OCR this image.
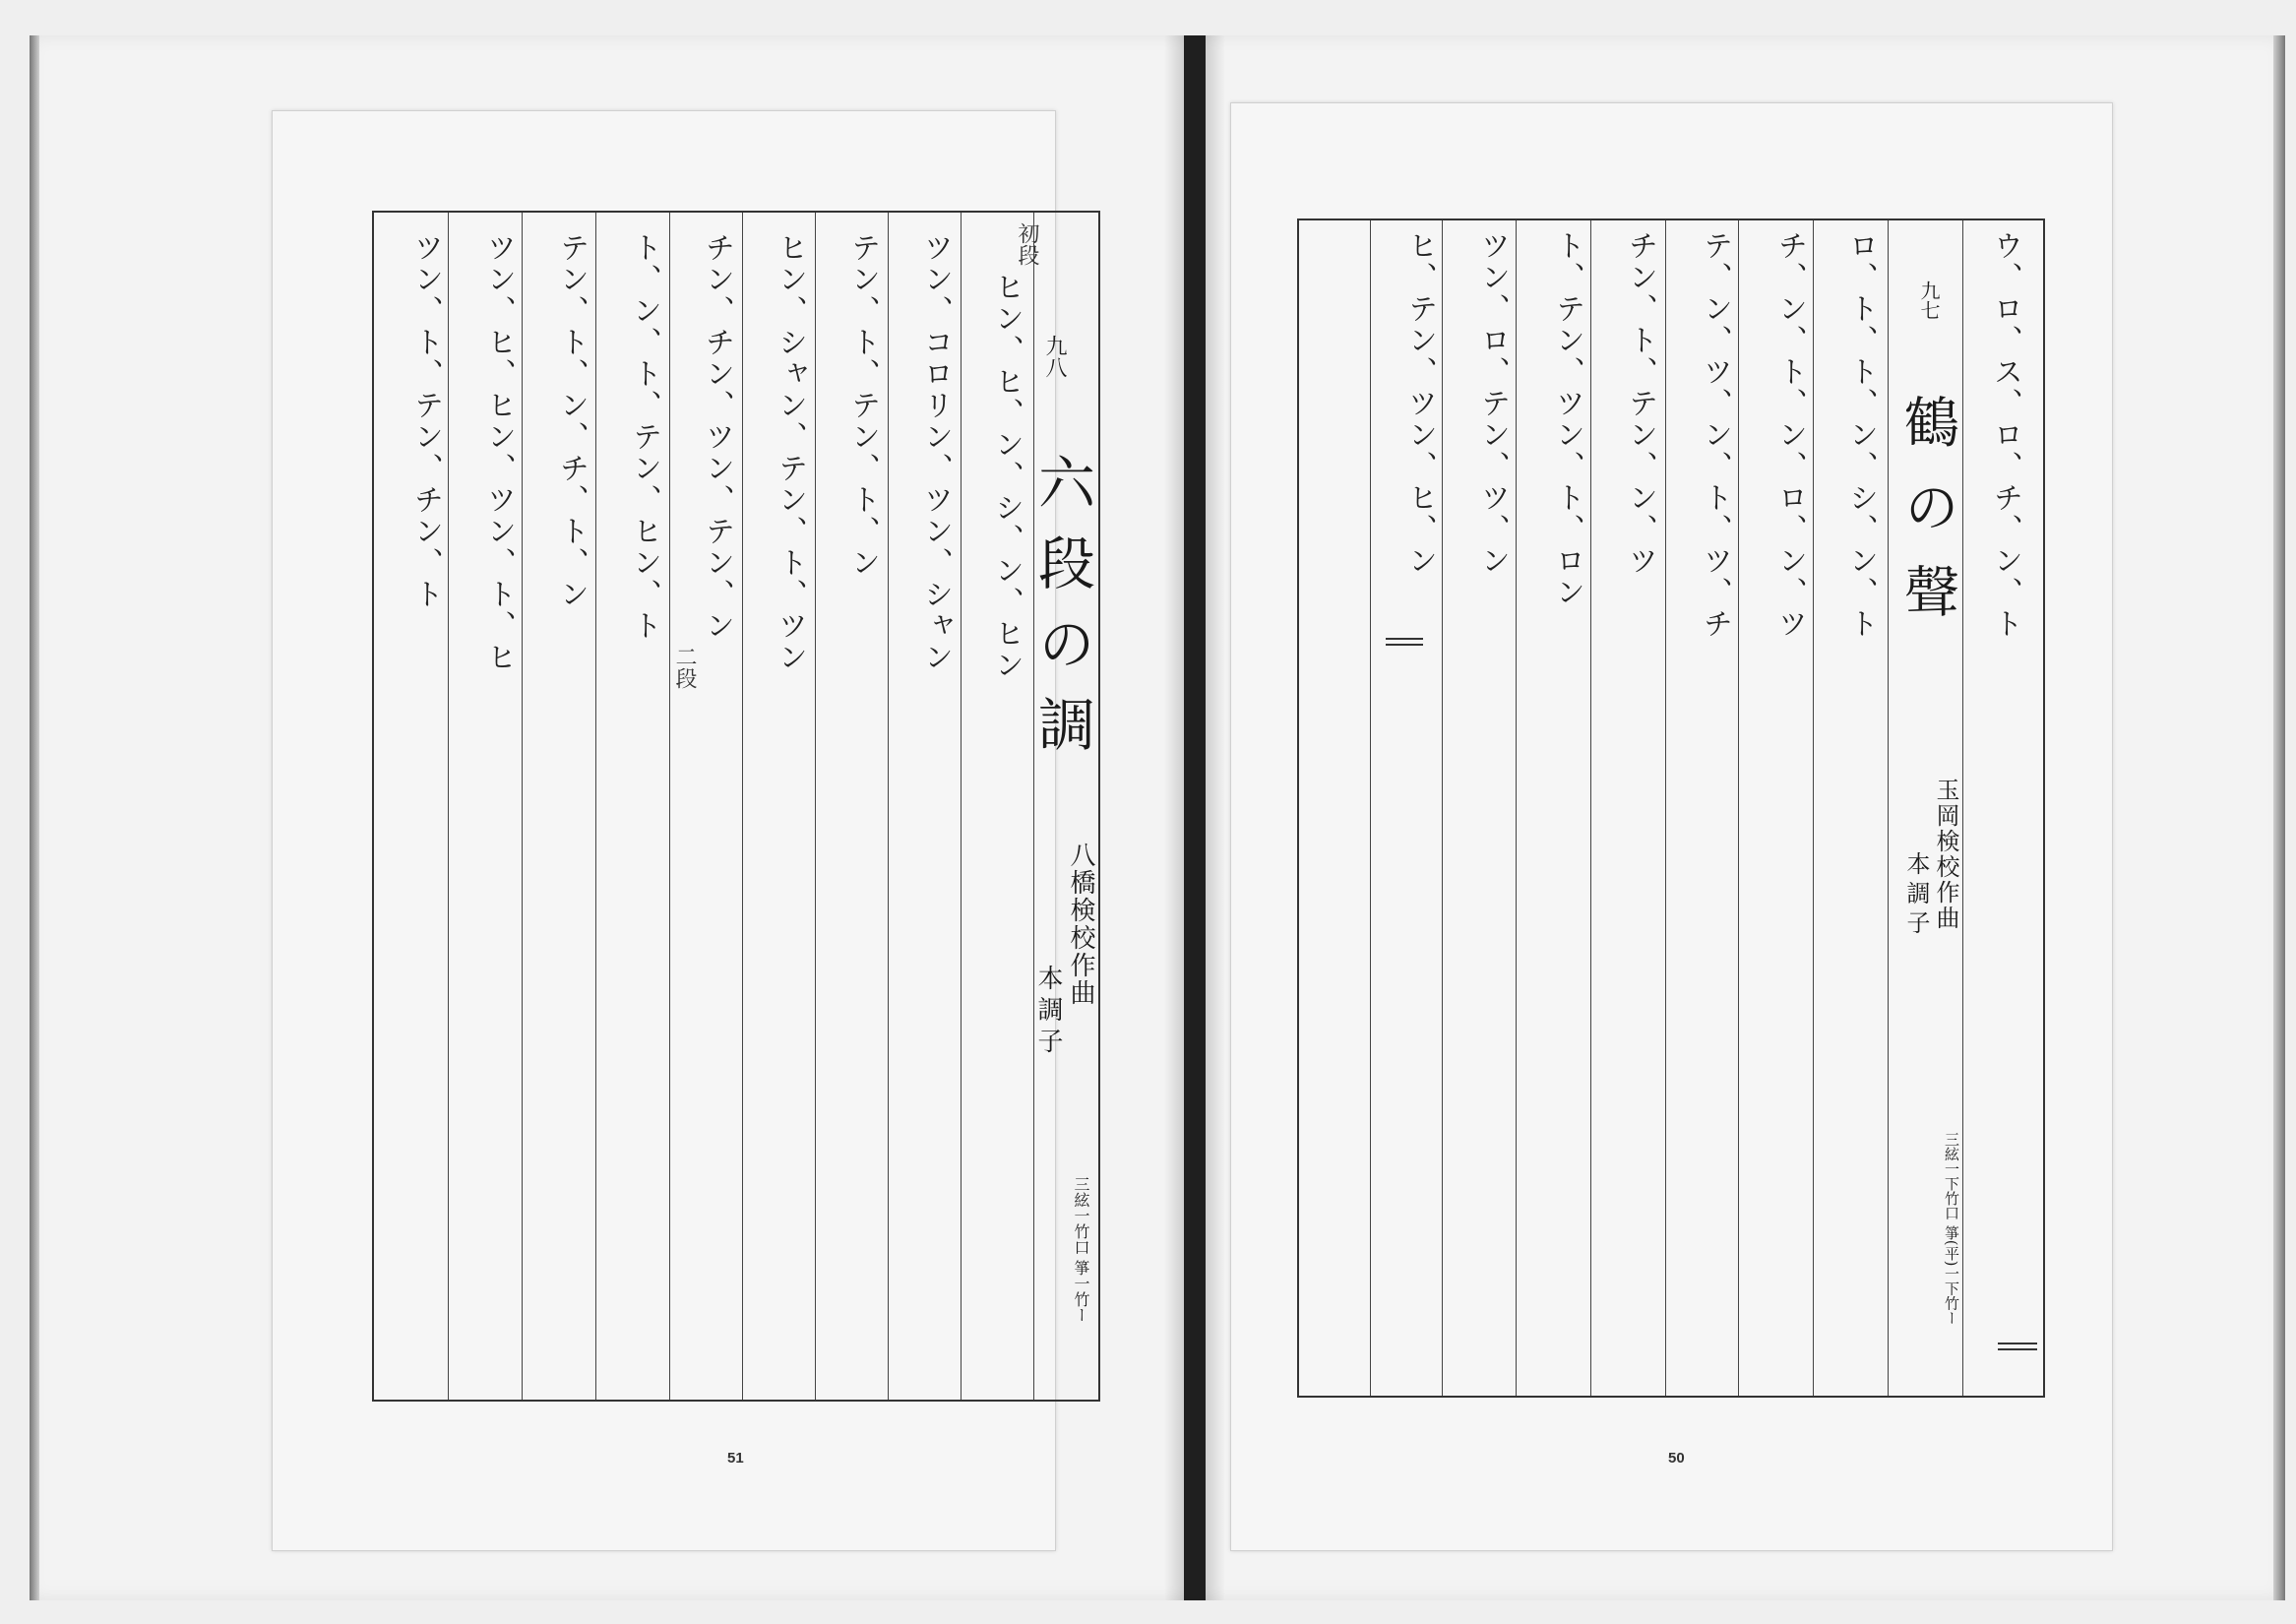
ヒン、ヒ、ン、シ、ン、ヒン
ツン、コロリン、ツン、シャン
テン、ト、テン、ト、ン
ヒン、シャン、テン、ト、ツン
チン、チン、ツン、テン、ン
ト、ン、ト、テン、ヒン、ト
テン、ト、ン、チ、ト、ン
ツン、ヒ、ヒン、ツン、ト、ヒ
ツン、ト、テン、チン、ト	初段
二段
九八
六段の調
八橋検校作曲
本調子
三絃一竹口 箏一竹ー
51
ウ、ロ、ス、ロ、チ、ン、ト
ロ、ト、ト、ン、シ、ン、ト
チ、ン、ト、ン、ロ、ン、ツ
テ、ン、ツ、ン、ト、ツ、チ
チン、ト、テン、ン、ツ
ト、テン、ツン、ト、ロン
ツン、ロ、テン、ツ、ン
ヒ、テン、ツン、ヒ、ン	九七
鶴の聲
玉岡検校作曲
本調子
三絃一下竹口 箏(平)一下竹ー
50
